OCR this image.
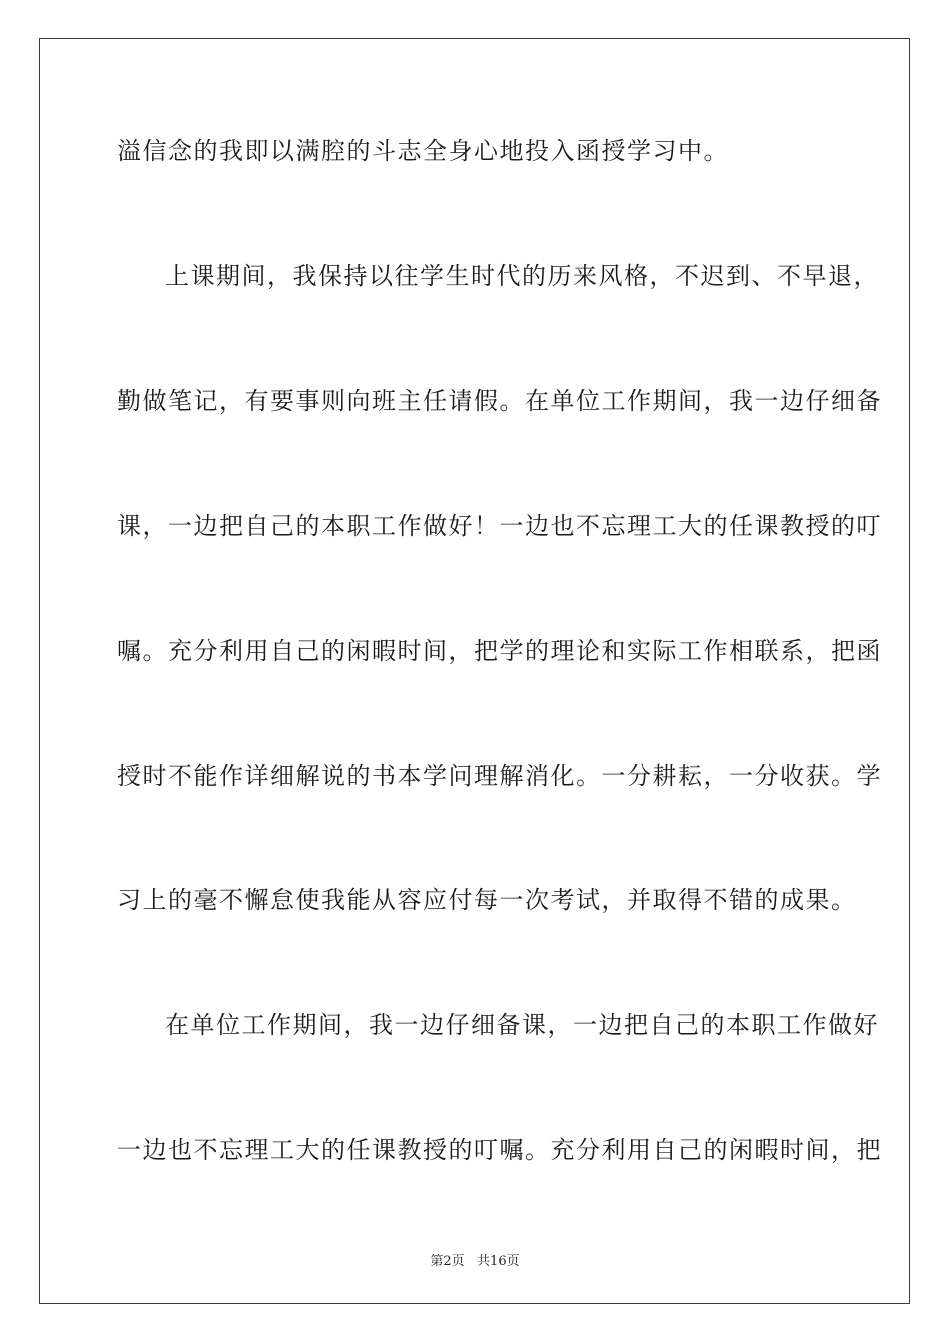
溢信念的我即以满腔的斗志全身心地投入函授学习中。
上课期间，我保持以往学生时代的历来风格，不迟到、不早退，
勤做笔记，有要事则向班主任请假。在单位工作期间，我一边仔细备
课，一边把自己的本职工作做好！一边也不忘理工大的任课教授的叮
嘱。充分利用自己的闲暇时间，把学的理论和实际工作相联系，把函
授时不能作详细解说的书本学问理解消化。一分耕耘，一分收获。学
习上的毫不懈怠使我能从容应付每一次考试，并取得不错的成果。
在单位工作期间，我一边仔细备课，一边把自己的本职工作做好
一边也不忘理工大的任课教授的叮嘱。充分利用自己的闲暇时间，把
第2页   共16页
